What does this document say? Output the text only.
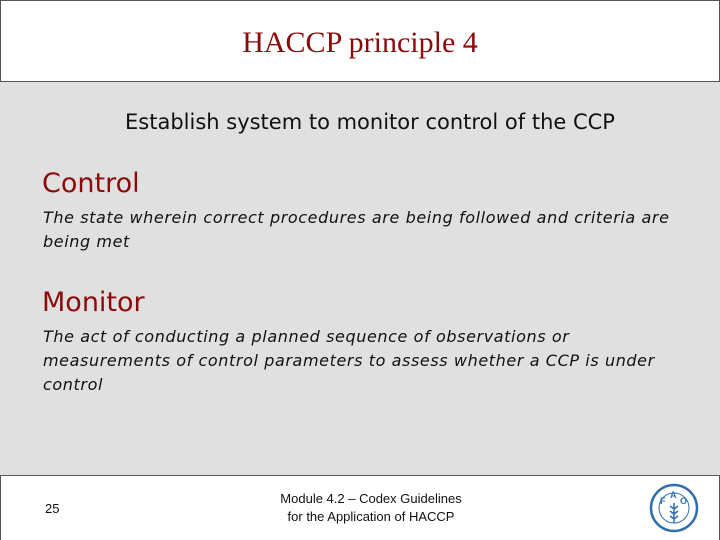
HACCP principle 4
Establish system to monitor control of the CCP
Control
The state wherein correct procedures are being followed and criteria are being met
Monitor
The act of conducting a planned sequence of observations or measurements of control parameters to assess whether a CCP is under control
25
Module 4.2 – Codex Guidelines
for the Application of HACCP
F
A
O
